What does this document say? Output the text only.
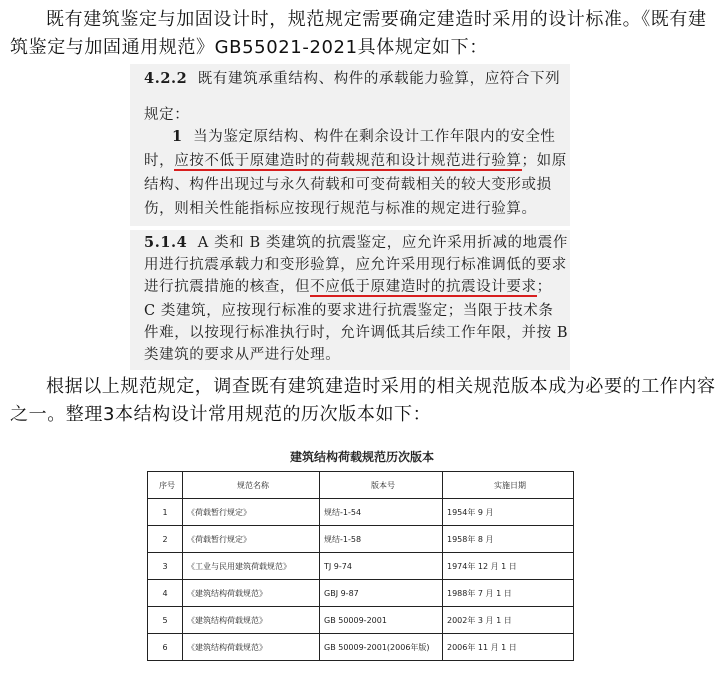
既有建筑鉴定与加固设计时，规范规定需要确定建造时采用的设计标准。《既有建筑鉴定与加固通用规范》GB55021-2021具体规定如下：

4.2.2 既有建筑承重结构、构件的承载能力验算，应符合下列
规定：
1 当为鉴定原结构、构件在剩余设计工作年限内的安全性
时，应按不低于原建造时的荷载规范和设计规范进行验算；如原
结构、构件出现过与永久荷载和可变荷载相关的较大变形或损
伤，则相关性能指标应按现行规范与标准的规定进行验算。
5.1.4 A 类和 B 类建筑的抗震鉴定，应允许采用折减的地震作
用进行抗震承载力和变形验算，应允许采用现行标准调低的要求
进行抗震措施的核查，但不应低于原建造时的抗震设计要求；
C 类建筑，应按现行标准的要求进行抗震鉴定；当限于技术条
件难，以按现行标准执行时，允许调低其后续工作年限，并按 B
类建筑的要求从严进行处理。

根据以上规范规定，调查既有建筑建造时采用的相关规范版本成为必要的工作内容之一。整理3本结构设计常用规范的历次版本如下：

建筑结构荷载规范历次版本
序号	规范名称	版本号	实施日期
1	《荷载暂行规定》	规结-1-54	1954年 9 月
2	《荷载暂行规定》	规结-1-58	1958年 8 月
3	《工业与民用建筑荷载规范》	TJ 9-74	1974年 12 月 1 日
4	《建筑结构荷载规范》	GBJ 9-87	1988年 7 月 1 日
5	《建筑结构荷载规范》	GB 50009-2001	2002年 3 月 1 日
6	《建筑结构荷载规范》	GB 50009-2001(2006年版)	2006年 11 月 1 日
